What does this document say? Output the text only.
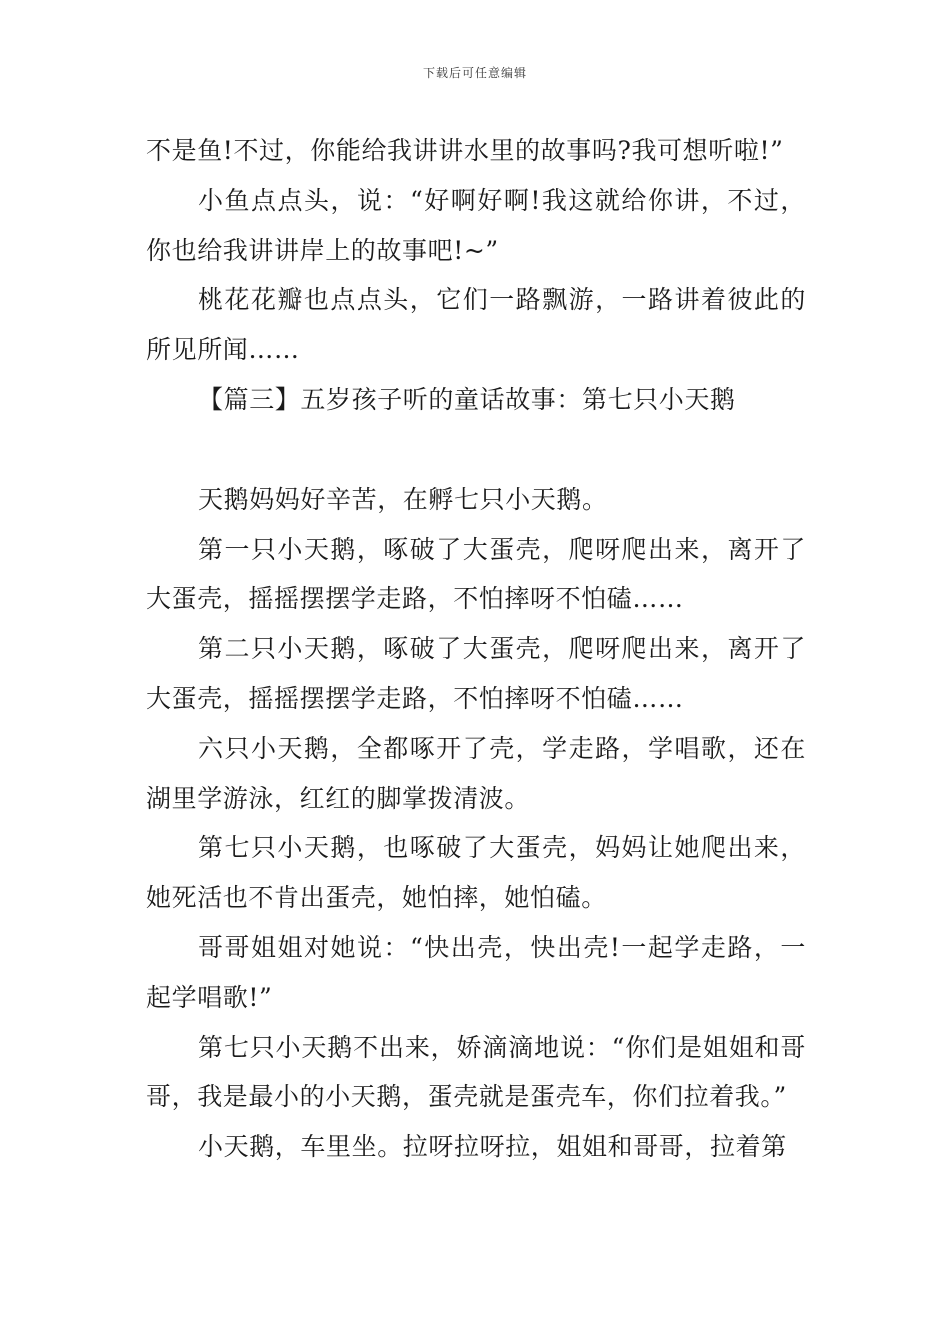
下载后可任意编辑

不是鱼!不过，你能给我讲讲水里的故事吗?我可想听啦!”

小鱼点点头，说：“好啊好啊!我这就给你讲，不过，你也给我讲讲岸上的故事吧!~”

桃花花瓣也点点头，它们一路飘游，一路讲着彼此的所见所闻……

【篇三】五岁孩子听的童话故事：第七只小天鹅

天鹅妈妈好辛苦，在孵七只小天鹅。

第一只小天鹅，啄破了大蛋壳，爬呀爬出来，离开了大蛋壳，摇摇摆摆学走路，不怕摔呀不怕磕……

第二只小天鹅，啄破了大蛋壳，爬呀爬出来，离开了大蛋壳，摇摇摆摆学走路，不怕摔呀不怕磕……

六只小天鹅，全都啄开了壳，学走路，学唱歌，还在湖里学游泳，红红的脚掌拨清波。

第七只小天鹅，也啄破了大蛋壳，妈妈让她爬出来，她死活也不肯出蛋壳，她怕摔，她怕磕。

哥哥姐姐对她说：“快出壳，快出壳!一起学走路，一起学唱歌!”

第七只小天鹅不出来，娇滴滴地说：“你们是姐姐和哥哥，我是最小的小天鹅，蛋壳就是蛋壳车，你们拉着我。”

小天鹅，车里坐。拉呀拉呀拉，姐姐和哥哥，拉着第
